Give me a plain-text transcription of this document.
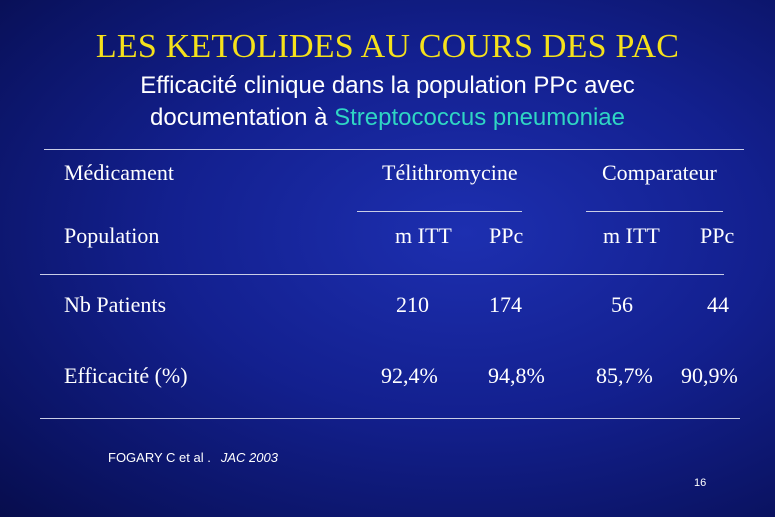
LES KETOLIDES AU COURS DES PAC
Efficacité clinique dans la population PPc avec
documentation à Streptococcus pneumoniae
Médicament	Télithromycine	Comparateur
Population	m ITT PPc	m ITT PPc
Nb Patients	210	174	56	44
Efficacité (%)	92,4% 94,8% 85,7% 90,9%
FOGARY C et al . JAC 2003
16
